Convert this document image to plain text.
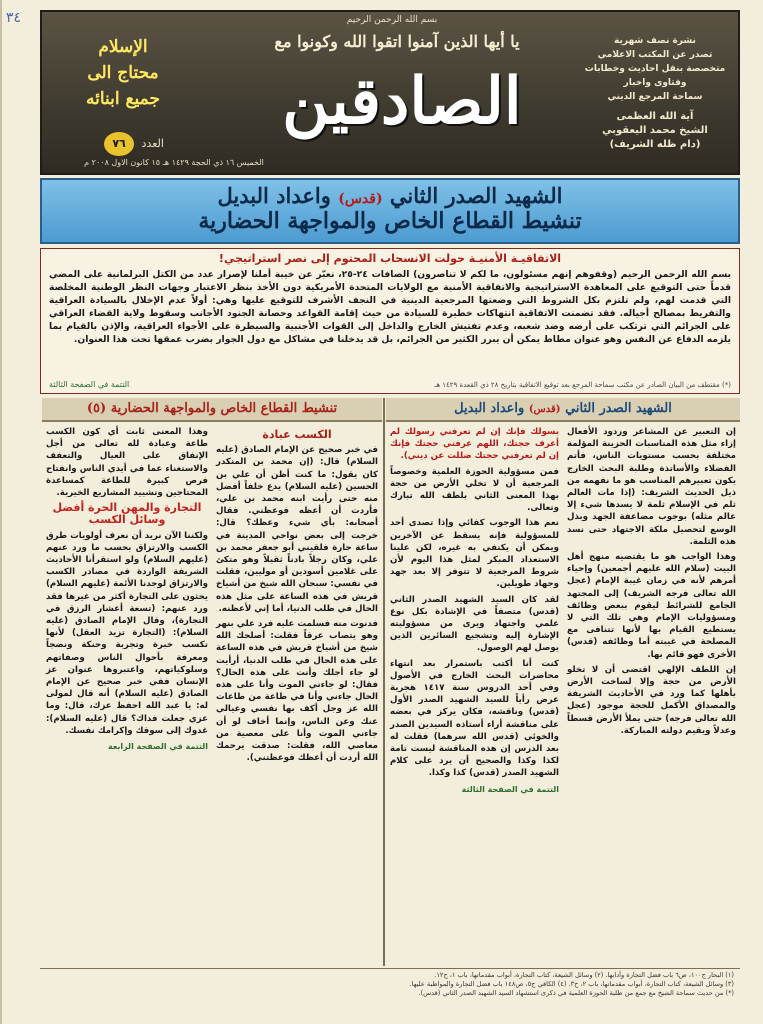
٣٤	بسم الله الرحمن الرحيم
يا أيها الذين آمنوا اتقوا الله وكونوا مع
الصادقين
نشرة نصف شهرية
تصدر عن المكتب الاعلامي
متخصصة بنقل احاديث وخطابات
وفتاوى واخبار
سماحة المرجع الديني
آية الله العظمى
الشيخ محمد اليعقوبي
(دام ظله الشريف)
الإسلام
محتاج الى
جميع ابنائه
العدد ٧٦
الخميس ١٦ ذي الحجة ١٤٢٩ هـ ١٥ كانون الاول ٢٠٠٨ م
الشهيد الصدر الثاني (قدس) واعداد البديل
تنشيط القطاع الخاص والمواجهة الحضارية
الاتفاقيـة الأمنيـة حولت الانسحاب المحتوم إلى نصر استراتيجي!
بسم الله الرحمن الرحيم (وقفوهم إنهم مسئولون، ما لكم لا تناصرون) الصافات ٢٤-٢٥، نعبّر عن خيبة أملنا لإصرار عدد من الكتل البرلمانية على المضي قدماً حتى التوقيع على المعاهدة الاستراتيجية والاتفاقية الأمنية مع الولايات المتحدة الأمريكية دون الأخذ بنظر الاعتبار وجهات النظر الوطنية المخلصة التي قدمت لهم، ولم تلتزم بكل الشروط التي وضعتها المرجعية الدينية في النجف الأشرف للتوقيع عليها وهي: أولاً عدم الإخلال بالسيادة العراقية والتفريط بمصالح أجياله. فقد تضمنت الاتفاقية انتهاكات خطيرة للسيادة من حيث إقامة القواعد وحصانة الجنود الأجانب وسقوط ولاية القضاء العراقي على الجرائم التي ترتكب على أرضه وضد شعبه، وعدم تفتيش الخارج والداخل إلى القوات الأجنبية والسيطرة على الأجواء العراقية، والإذن بالقيام بما يلزمه الدفاع عن النفس وهو عنوان مطاط يمكن أن يبرر الكثير من الجرائم، بل قد يدخلنا في مشاكل مع دول الجوار بضرب عمقها تحت هذا العنوان.
التتمة في الصفحة الثالثة	(*) مقتطف من البيان الصادر عن مكتب سماحة المرجع بعد توقيع الاتفاقية بتاريخ ٢٨ ذي القعدة ١٤٢٩ هـ
الشهيد الصدر الثاني (قدس) واعداد البديل

إن التعبير عن المشاعر وردود الأفعال إزاء مثل هذه المناسبات الحزينة المؤلمة مختلفة بحسب مستويات الناس، فأتم الفضلاء والأساتذة وطلبة البحث الخارج يكون تعبيرهم المناسب هو ما نفهمه من ذيل الحديث الشريف: (إذا مات العالم ثلم في الإسلام ثلمة لا يسدها شيء إلا عالم مثله) بوجوب مضاعفة الجهد وبذل الوسع لتحصيل ملكة الاجتهاد حتى نسد هذه الثلمة.

وهذا الواجب هو ما يقتضيه منهج أهل البيت (سلام الله عليهم أجمعين) وإحياء أمرهم لأنه في زمان غيبة الإمام (عجل الله تعالى فرجه الشريف) إلى المجتهد الجامع للشرائط ليقوم ببعض وظائف ومسؤوليات الإمام وهي تلك التي لا يستطيع القيام بها لأنها تتنافى مع المصلحة في غيبته أما وظائفه (قدس) الأخرى فهو قائم بها.

إن اللطف الإلهي اقتضى أن لا تخلو الأرض من حجة وإلا لساخت الأرض بأهلها كما ورد في الأحاديث الشريفة والمصداق الأكمل للحجة موجود (عجل الله تعالى فرجه) حتى يملأ الأرض قسطاً وعدلاً ويقيم دولته المباركة.

بسولك فإنك إن لم تعرفني رسولك لم أعرف حجتك، اللهم عرفني حجتك فإنك إن لم تعرفني حجتك ضللت عن ديني).

فمن مسؤولية الحوزة العلمية وخصوصاً المرجعية أن لا تخلي الأرض من حجة بهذا المعنى الثاني بلطف الله تبارك وتعالى.

نعم هذا الوجوب كفائي وإذا تصدى أحد للمسؤولية فإنه يسقط عن الآخرين ويمكن أن يكتفي به غيره، لكن علينا الاستعداد المبكر لمثل هذا اليوم لأن شروط المرجعية لا تتوفر إلا بعد جهد وجهاد طويلين.

لقد كان السيد الشهيد الصدر الثاني (قدس) متصفاً في الإشادة بكل نوع علمي واجتهاد ويرى من مسؤوليته الإشارة إليه وتشجيع السائرين الذين يوصل لهم الوصول.

كنت أنا أكتب باستمرار بعد انتهاء محاضرات البحث الخارج في الأصول وفي أحد الدروس سنة ١٤١٧ هجرية عرض رأياً للسيد الشهيد الصدر الأول (قدس) وناقشه، فكان يركز في بعضه على مناقشة أراء أستاذه السيدين الصدر والخوئي (قدس الله سرهما) فقلت له بعد الدرس إن هذه المناقشة ليست تامة لكذا وكذا والصحيح أن يرد على كلام الشهيد الصدر (قدس) كذا وكذا.

التتمة في الصفحة الثالثة
تنشيط القطاع الخاص والمواجهة الحضارية (٥)
الكسب عبادة

في خبر صحيح عن الإمام الصادق (عليه السلام) قال: (إن محمد بن المنكدر كان يقول: ما كنت أظن أن علي بن الحسين (عليه السلام) يدع خلفاً أفضل منه حتى رأيت ابنه محمد بن علي، فأردت أن أعظه فوعظني. فقال أصحابه: بأي شيء وعظك؟ قال: خرجت إلى بعض نواحي المدينة في ساعة حارة فلقيني أبو جعفر محمد بن علي، وكان رجلاً بادناً ثقيلاً وهو متكئ على غلامين أسودين أو موليين، فقلت في نفسي: سبحان الله شيخ من أشياخ قريش في هذه الساعة على مثل هذه الحال في طلب الدنيا، أما إني لأعظنه.

فدنوت منه فسلمت عليه فرد علي بنهر وهو يتصاب عرقاً فقلت: أصلحك الله شيخ من أشياخ قريش في هذه الساعة على هذه الحال في طلب الدنيا، أرأيت لو جاء أجلك وأنت على هذه الحال؟ فقال: لو جاءني الموت وأنا على هذه الحال جاءني وأنا في طاعة من طاعات الله عز وجل أكف بها نفسي وعيالي عنك وعن الناس، وإنما أخاف لو أن جاءني الموت وأنا على معصية من معاصي الله، فقلت: صدقت يرحمك الله أردت أن أعظك فوعظتني).

وهذا المعنى ثابت أي كون الكسب طاعة وعبادة لله تعالى من أجل الإنفاق على العيال والتعفف والاستغناء عما في أيدي الناس وانفتاح فرص كبيرة للطاعة كمساعدة المحتاجين وتشييد المشاريع الخيرية.

التجارة والمهن الحرة أفضل وسائل الكسب

ولكننا الآن نريد أن نعرف أولويات طرق الكسب والارتزاق بحسب ما ورد عنهم (عليهم السلام) ولو استقرأنا الأحاديث الشريفة الواردة في مصادر الكسب والارتزاق لوجدنا الأئمة (عليهم السلام) يحثون على التجارة أكثر من غيرها فقد ورد عنهم: (تسعة أعشار الرزق في التجارة)، وقال الإمام الصادق (عليه السلام): (التجارة تزيد العقل) لأنها تكسب خبرة وتجربة وحنكة ونضجاً ومعرفة بأحوال الناس وصفاتهم وسلوكياتهم، واعتبروها عنوان عز الإنسان ففي خبر صحيح عن الإمام الصادق (عليه السلام) أنه قال لمولى له: يا عبد الله احفظ عزك، قال: وما عزي جعلت فداك؟ قال (عليه السلام): غدوك إلى سوقك وإكرامك نفسك.

التتمة في الصفحة الرابعة
(١) البحار ج١٠٠، ص٦ باب فضل التجارة وآدابها. (٢) وسائل الشيعة، كتاب التجارة، أبواب مقدماتها، باب ١، ح١٢.
(٣) وسائل الشيعة، كتاب التجارة، أبواب مقدماتها، باب ٢، ح٣. (٤) الكافي ج٥، ص١٤٨ باب فضل التجارة والمواظبة عليها.
(*) من حديث سماحة الشيخ مع جمع من طلبة الحوزة العلمية في ذكرى استشهاد السيد الشهيد الصدر الثاني (قدس).
